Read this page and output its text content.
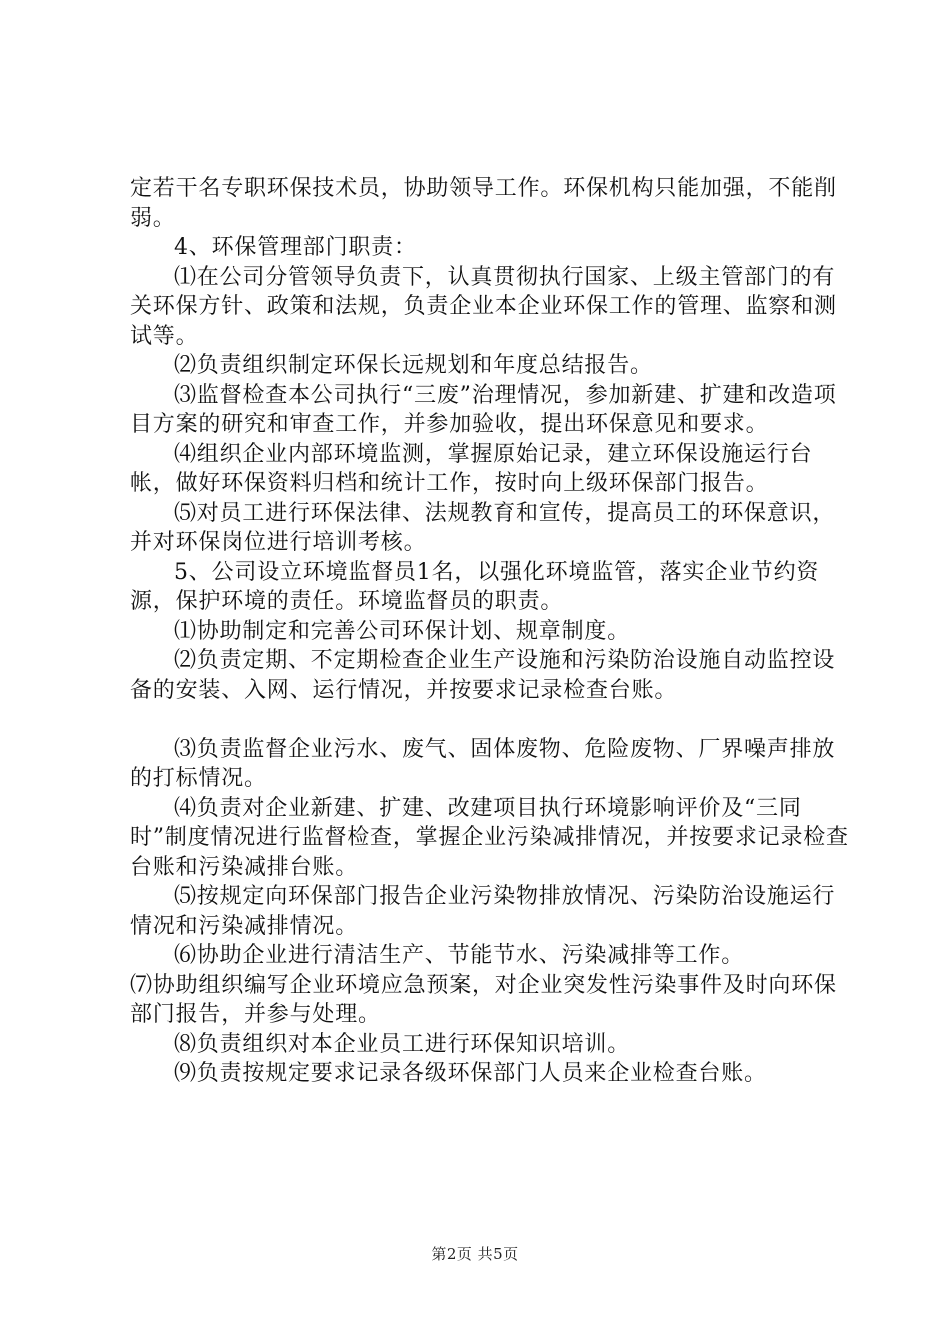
定若干名专职环保技术员，协助领导工作。环保机构只能加强，不能削弱。

4、环保管理部门职责：

⑴在公司分管领导负责下，认真贯彻执行国家、上级主管部门的有关环保方针、政策和法规，负责企业本企业环保工作的管理、监察和测试等。

⑵负责组织制定环保长远规划和年度总结报告。

⑶监督检查本公司执行“三废”治理情况，参加新建、扩建和改造项目方案的研究和审查工作，并参加验收，提出环保意见和要求。

⑷组织企业内部环境监测，掌握原始记录，建立环保设施运行台帐，做好环保资料归档和统计工作，按时向上级环保部门报告。

⑸对员工进行环保法律、法规教育和宣传，提高员工的环保意识，并对环保岗位进行培训考核。

5、公司设立环境监督员1名，以强化环境监管，落实企业节约资源，保护环境的责任。环境监督员的职责。

⑴协助制定和完善公司环保计划、规章制度。

⑵负责定期、不定期检查企业生产设施和污染防治设施自动监控设备的安装、入网、运行情况，并按要求记录检查台账。

⑶负责监督企业污水、废气、固体废物、危险废物、厂界噪声排放的打标情况。

⑷负责对企业新建、扩建、改建项目执行环境影响评价及“三同时”制度情况进行监督检查，掌握企业污染减排情况，并按要求记录检查台账和污染减排台账。

⑸按规定向环保部门报告企业污染物排放情况、污染防治设施运行情况和污染减排情况。

⑹协助企业进行清洁生产、节能节水、污染减排等工作。

⑺协助组织编写企业环境应急预案，对企业突发性污染事件及时向环保部门报告，并参与处理。

⑻负责组织对本企业员工进行环保知识培训。

⑼负责按规定要求记录各级环保部门人员来企业检查台账。

第2页 共5页
